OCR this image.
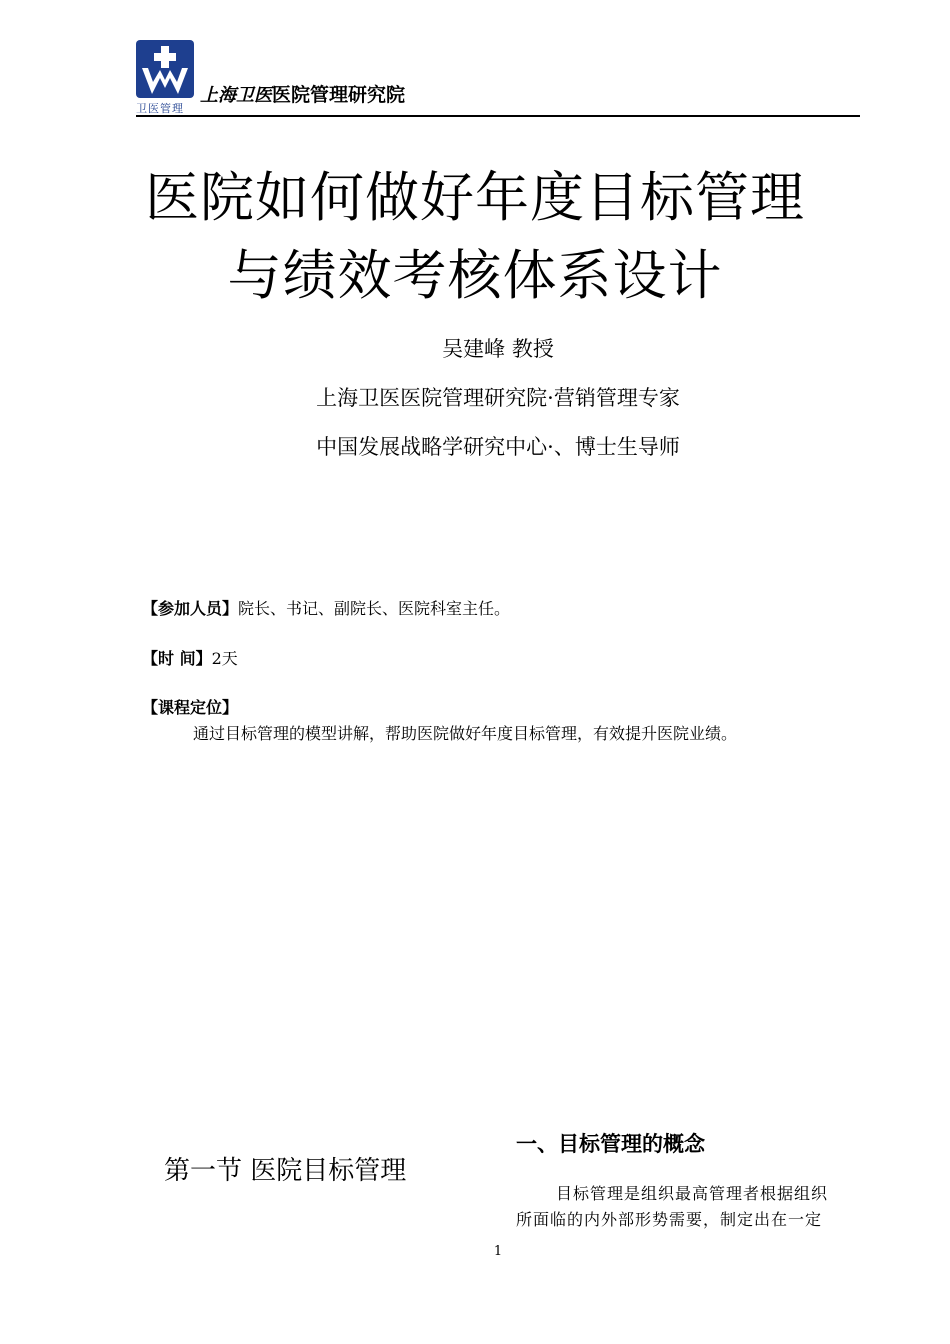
卫医管理
上海卫医医院管理研究院
医院如何做好年度目标管理
与绩效考核体系设计
吴建峰 教授
上海卫医医院管理研究院·营销管理专家
中国发展战略学研究中心·、博士生导师
【参加人员】院长、书记、副院长、医院科室主任。
【时 间】2天
【课程定位】
通过目标管理的模型讲解，帮助医院做好年度目标管理，有效提升医院业绩。
第一节 医院目标管理
一、目标管理的概念
目标管理是组织最高管理者根据组织
所面临的内外部形势需要，制定出在一定
1
